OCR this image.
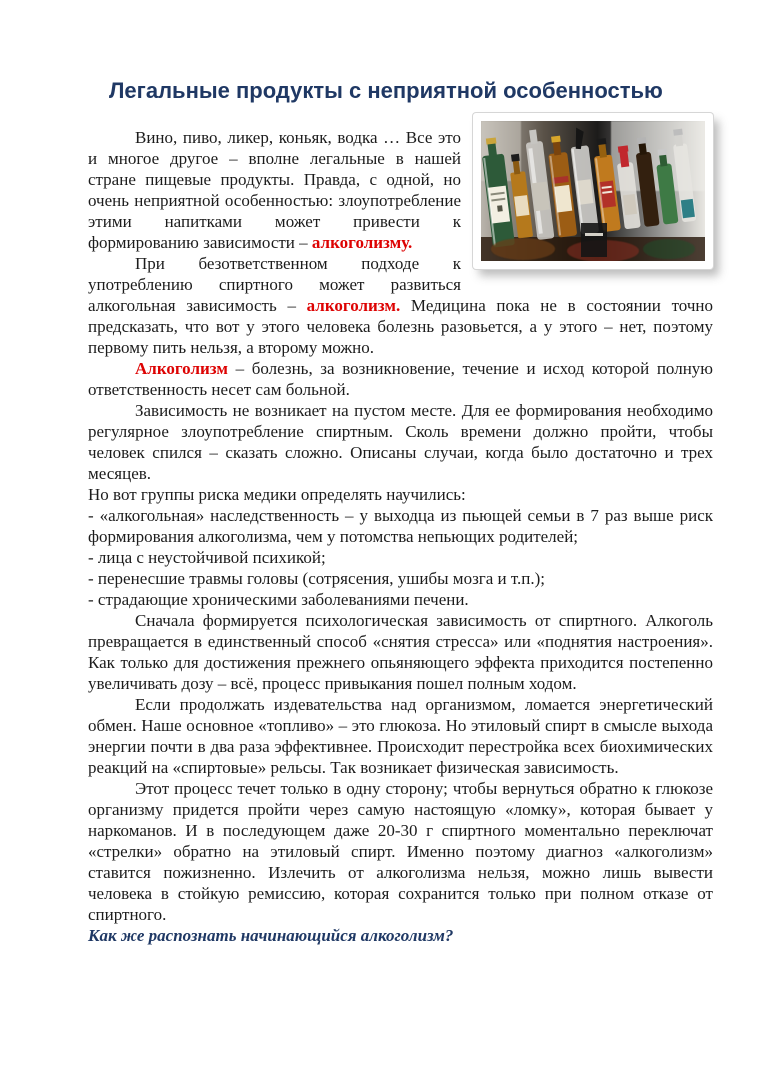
Легальные продукты с неприятной особенностью

Вино, пиво, ликер, коньяк, водка … Все это и многое другое – вполне легальные в нашей стране пищевые продукты. Правда, с одной, но очень неприятной особенностью: злоупотребление этими напитками может привести к формированию зависимости – алкоголизму.

При безответственном подходе к употреблению спиртного может развиться алкогольная зависимость – алкоголизм. Медицина пока не в состоянии точно предсказать, что вот у этого человека болезнь разовьется, а у этого – нет, поэтому первому пить нельзя, а второму можно.

Алкоголизм – болезнь, за возникновение, течение и исход которой полную ответственность несет сам больной.

Зависимость не возникает на пустом месте. Для ее формирования необходимо регулярное злоупотребление спиртным. Сколь времени должно пройти, чтобы человек спился – сказать сложно. Описаны случаи, когда было достаточно и трех месяцев.

Но вот группы риска медики определять научились:

- «алкогольная» наследственность – у выходца из пьющей семьи в 7 раз выше риск формирования алкоголизма, чем у потомства непьющих родителей;

- лица с неустойчивой психикой;

- перенесшие травмы головы (сотрясения, ушибы мозга и т.п.);

- страдающие хроническими заболеваниями печени.

Сначала формируется психологическая зависимость от спиртного. Алкоголь превращается в единственный способ «снятия стресса» или «поднятия настроения». Как только для достижения прежнего опьяняющего эффекта приходится постепенно увеличивать дозу – всё, процесс привыкания пошел полным ходом.

Если продолжать издевательства над организмом, ломается энергетический обмен. Наше основное «топливо» – это глюкоза. Но этиловый спирт в смысле выхода энергии почти в два раза эффективнее. Происходит перестройка всех биохимических реакций на «спиртовые» рельсы. Так возникает физическая зависимость.

Этот процесс течет только в одну сторону; чтобы вернуться обратно к глюкозе организму придется пройти через самую настоящую «ломку», которая бывает у наркоманов. И в последующем даже 20-30 г спиртного моментально переключат «стрелки» обратно на этиловый спирт. Именно поэтому диагноз «алкоголизм» ставится пожизненно. Излечить от алкоголизма нельзя, можно лишь вывести человека в стойкую ремиссию, которая сохранится только при полном отказе от спиртного.

Как же распознать начинающийся алкоголизм?
